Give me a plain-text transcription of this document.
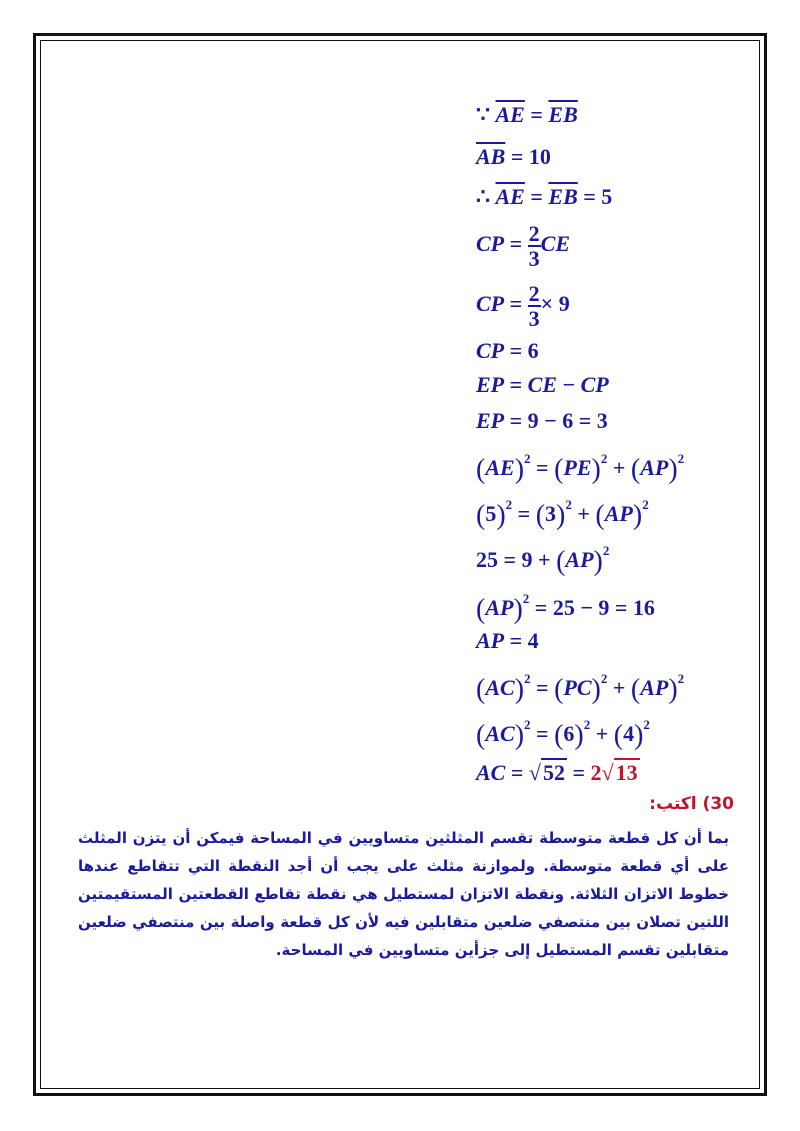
∵ $\overline{AE} = \overline{EB}$
$\overline{AB} = 10$
∴ $\overline{AE} = \overline{EB} = 5$
CP = $\frac{2}{3}$ CE
CP = $\frac{2}{3} \times 9$
CP = 6
EP = CE − CP
EP = 9 − 6 = 3
(AE)$^2$ = (PE)$^2$ + (AP)$^2$
$(5)^2 = (3)^2 + (AP)^2$
25 = 9 + (AP)$^2$
(AP)$^2$ = 25 − 9 = 16
AP = 4
(AC)$^2$ = (PC)$^2$ + (AP)$^2$
$(AC)^2 = (6)^2 + (4)^2$
AC = √52 = 2√13
30) اكتب:
بما أن كل قطعة متوسطة تقسم المثلثين متساويين في المساحة فيمكن أن يتزن المثلث على أي قطعة متوسطة. ولموازنة مثلث على يجب أن أجد النقطة التي تتقاطع عندها خطوط الاتزان الثلاثة. ونقطة الاتزان لمستطيل هي نقطة تقاطع القطعتين المستقيمتين اللتين تصلان بين منتصفي ضلعين متقابلين فيه لأن كل قطعة واصلة بين منتصفي ضلعين متقابلين تقسم المستطيل إلى جزأين متساويين في المساحة.
